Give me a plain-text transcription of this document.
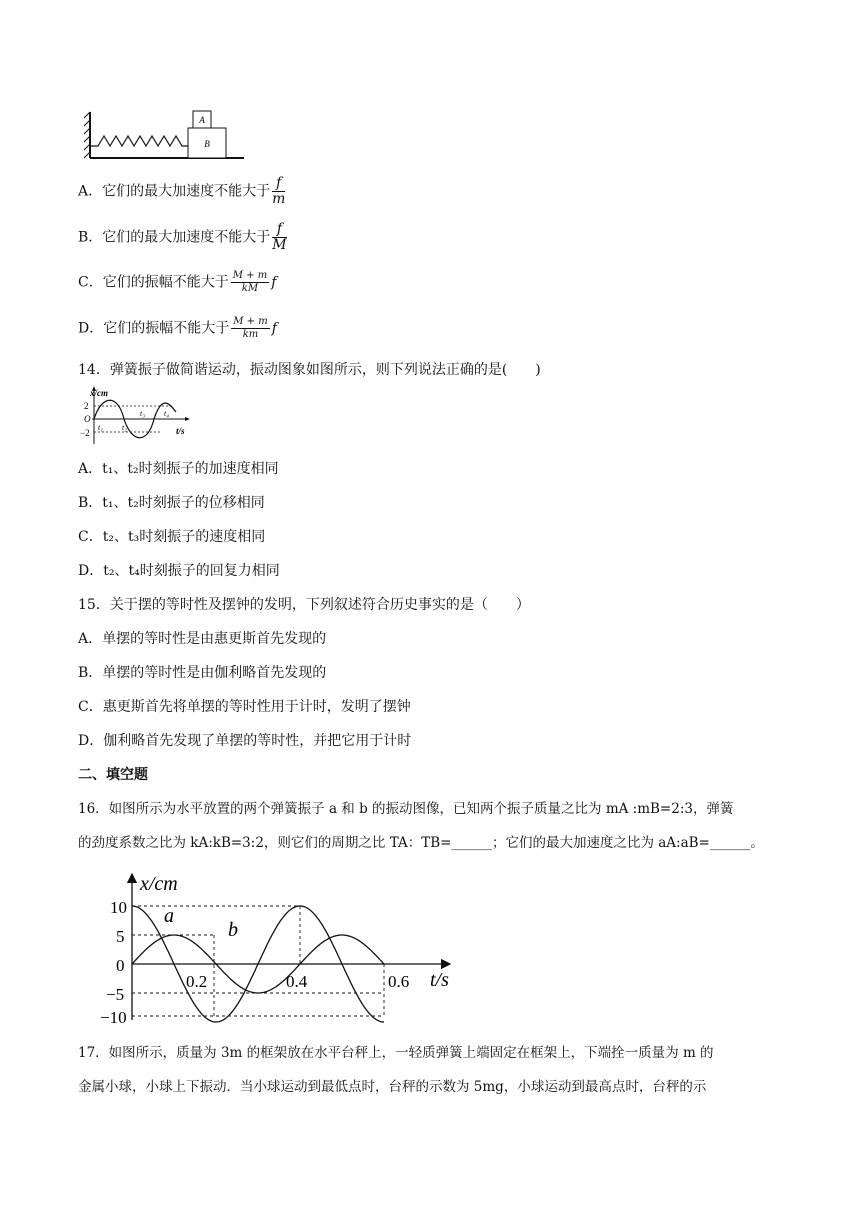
A
B
A．它们的最大加速度不能大于 $\frac{f}{m}$
B．它们的最大加速度不能大于 $\frac{f}{M}$
C．它们的振幅不能大于 $\frac{M + m}{kM}$ f
D．它们的振幅不能大于 $\frac{M + m}{km}$ f
14．弹簧振子做简谐运动，振动图象如图所示，则下列说法正确的是(　　)
x/cm
2
O
−2
t₁ t₂
t₃ t₄
t/s
A．t₁、t₂时刻振子的加速度相同
B．t₁、t₂时刻振子的位移相同
C．t₂、t₃时刻振子的速度相同
D．t₂、t₄时刻振子的回复力相同
15．关于摆的等时性及摆钟的发明，下列叙述符合历史事实的是（　　）
A．单摆的等时性是由惠更斯首先发现的
B．单摆的等时性是由伽利略首先发现的
C．惠更斯首先将单摆的等时性用于计时，发明了摆钟
D．伽利略首先发现了单摆的等时性，并把它用于计时
二、填空题
16．如图所示为水平放置的两个弹簧振子 a 和 b 的振动图像，已知两个振子质量之比为 mA :mB=2:3，弹簧
的劲度系数之比为 kA:kB=3:2，则它们的周期之比 TA：TB=______；它们的最大加速度之比为 aA:aB=______。
x/cm
10
5
0
−5
−10
0.2	0.4	0.6 t/s
a
b
17．如图所示，质量为 3m 的框架放在水平台秤上，一轻质弹簧上端固定在框架上，下端拴一质量为 m 的
金属小球，小球上下振动．当小球运动到最低点时，台秤的示数为 5mg，小球运动到最高点时，台秤的示
